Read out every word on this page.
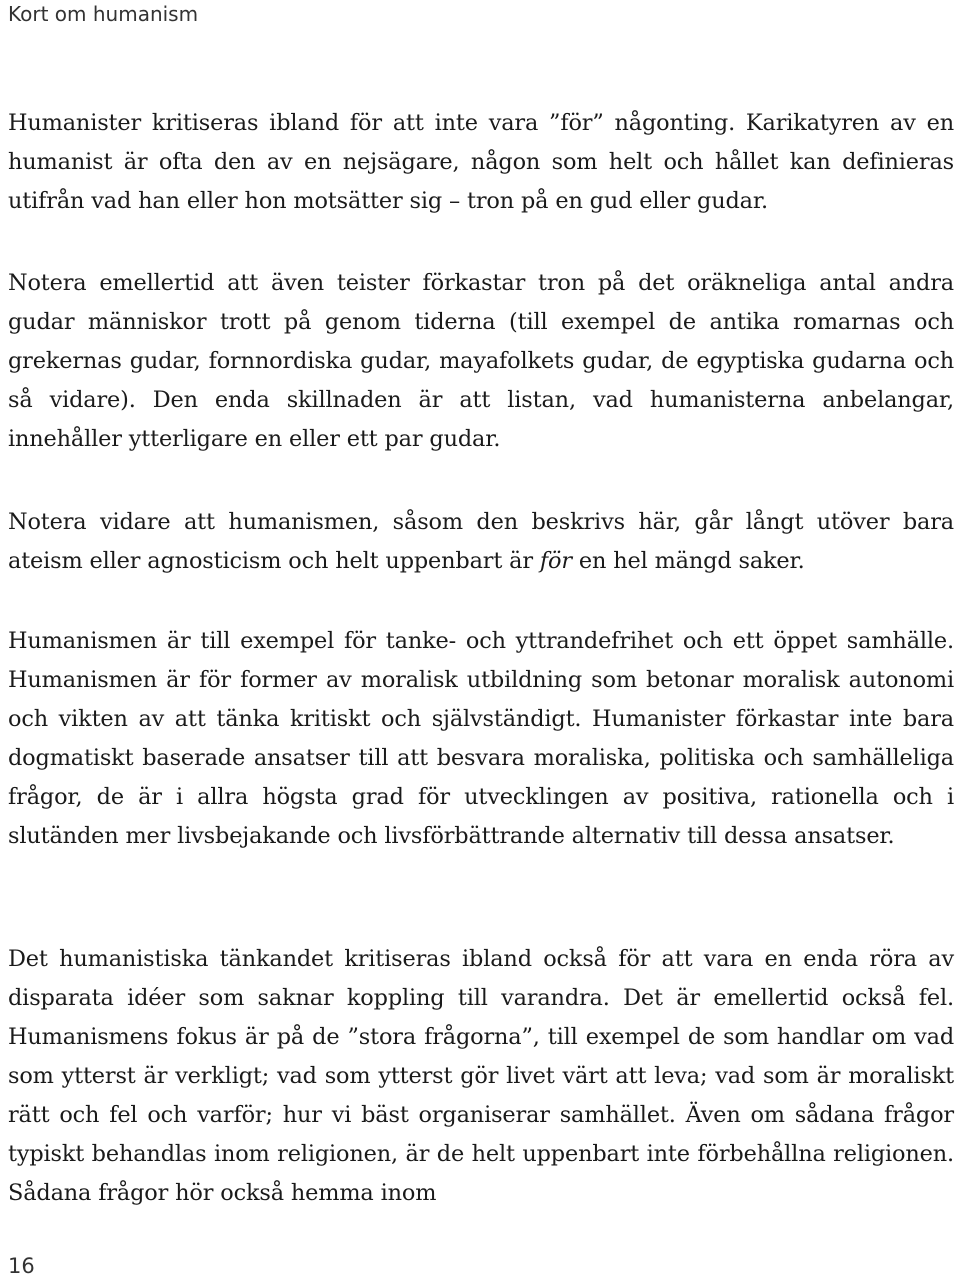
Kort om humanism

Humanister kritiseras ibland för att inte vara ”för” någonting. Karikatyren av en humanist är ofta den av en nejsägare, någon som helt och hållet kan definieras utifrån vad han eller hon motsätter sig – tron på en gud eller gudar.

Notera emellertid att även teister förkastar tron på det oräkneliga antal andra gudar människor trott på genom tiderna (till exempel de antika romarnas och grekernas gudar, fornnordiska gudar, mayafolkets gudar, de egyptiska gudarna och så vidare). Den enda skillnaden är att listan, vad humanisterna anbelangar, innehåller ytterligare en eller ett par gudar.

Notera vidare att humanismen, såsom den beskrivs här, går långt utöver bara ateism eller agnosticism och helt uppenbart är för en hel mängd saker.

Humanismen är till exempel för tanke- och yttrandefrihet och ett öppet samhälle. Humanismen är för former av moralisk utbildning som betonar moralisk autonomi och vikten av att tänka kritiskt och självständigt. Humanister förkastar inte bara dogmatiskt baserade ansatser till att besvara moraliska, politiska och samhälleliga frågor, de är i allra högsta grad för utvecklingen av positiva, rationella och i slutänden mer livsbejakande och livsförbättrande alternativ till dessa ansatser.

Det humanistiska tänkandet kritiseras ibland också för att vara en enda röra av disparata idéer som saknar koppling till varandra. Det är emellertid också fel. Humanismens fokus är på de ”stora frågorna”, till exempel de som handlar om vad som ytterst är verkligt; vad som ytterst gör livet värt att leva; vad som är moraliskt rätt och fel och varför; hur vi bäst organiserar samhället. Även om sådana frågor typiskt behandlas inom religionen, är de helt uppenbart inte förbehållna religionen. Sådana frågor hör också hemma inom

16
